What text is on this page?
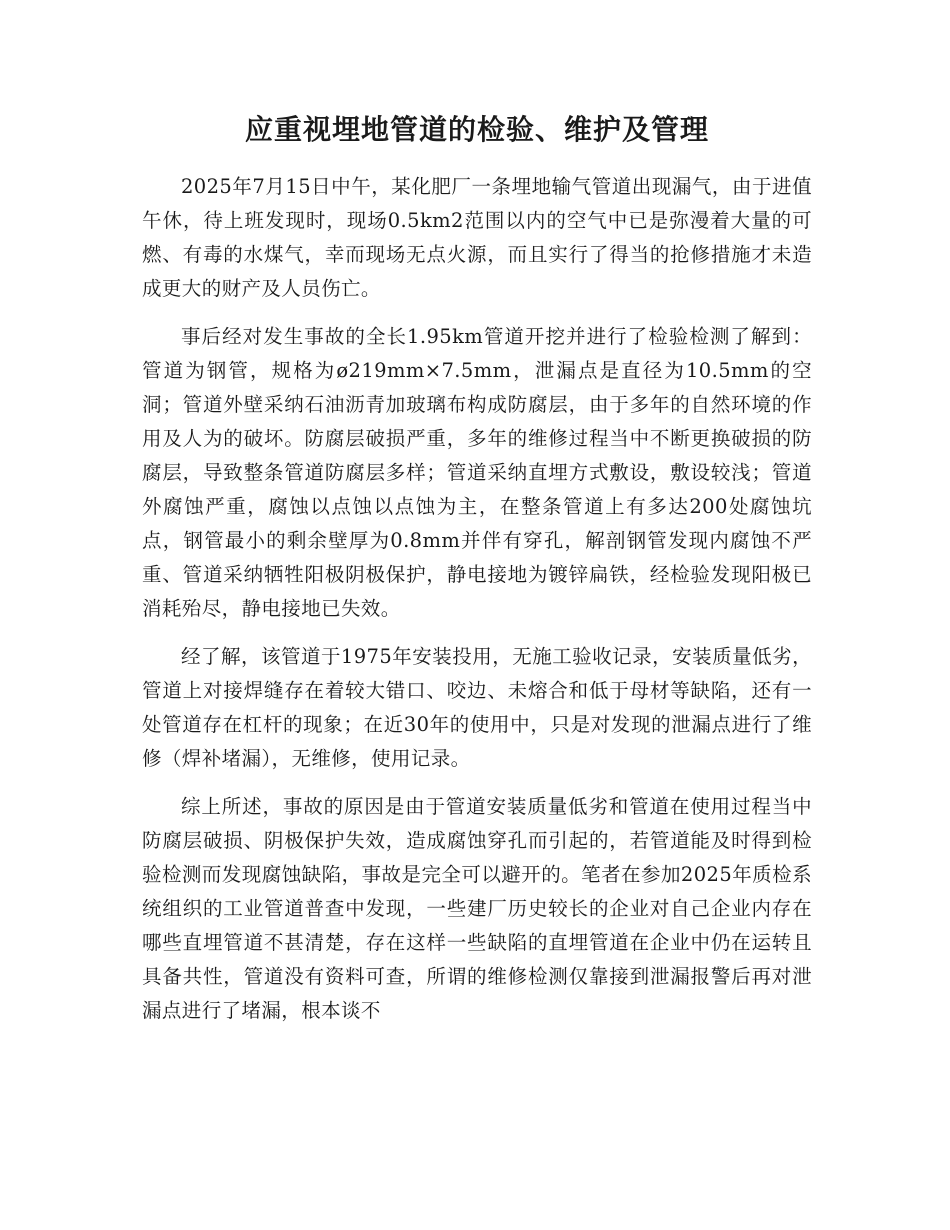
应重视埋地管道的检验、维护及管理

2025年7月15日中午，某化肥厂一条埋地输气管道出现漏气，由于进值午休，待上班发现时，现场0.5km2范围以内的空气中已是弥漫着大量的可燃、有毒的水煤气，幸而现场无点火源，而且实行了得当的抢修措施才未造成更大的财产及人员伤亡。

事后经对发生事故的全长1.95km管道开挖并进行了检验检测了解到：管道为钢管，规格为ø219mm×7.5mm，泄漏点是直径为10.5mm的空洞；管道外壁采纳石油沥青加玻璃布构成防腐层，由于多年的自然环境的作用及人为的破坏。防腐层破损严重，多年的维修过程当中不断更换破损的防腐层，导致整条管道防腐层多样；管道采纳直埋方式敷设，敷设较浅；管道外腐蚀严重，腐蚀以点蚀以点蚀为主，在整条管道上有多达200处腐蚀坑点，钢管最小的剩余壁厚为0.8mm并伴有穿孔，解剖钢管发现内腐蚀不严重、管道采纳牺牲阳极阴极保护，静电接地为镀锌扁铁，经检验发现阳极已消耗殆尽，静电接地已失效。

经了解，该管道于1975年安装投用，无施工验收记录，安装质量低劣，管道上对接焊缝存在着较大错口、咬边、未熔合和低于母材等缺陷，还有一处管道存在杠杆的现象；在近30年的使用中，只是对发现的泄漏点进行了维修（焊补堵漏），无维修，使用记录。

综上所述，事故的原因是由于管道安装质量低劣和管道在使用过程当中防腐层破损、阴极保护失效，造成腐蚀穿孔而引起的，若管道能及时得到检验检测而发现腐蚀缺陷，事故是完全可以避开的。笔者在参加2025年质检系统组织的工业管道普查中发现，一些建厂历史较长的企业对自己企业内存在哪些直埋管道不甚清楚，存在这样一些缺陷的直埋管道在企业中仍在运转且具备共性，管道没有资料可查，所谓的维修检测仅靠接到泄漏报警后再对泄漏点进行了堵漏，根本谈不
